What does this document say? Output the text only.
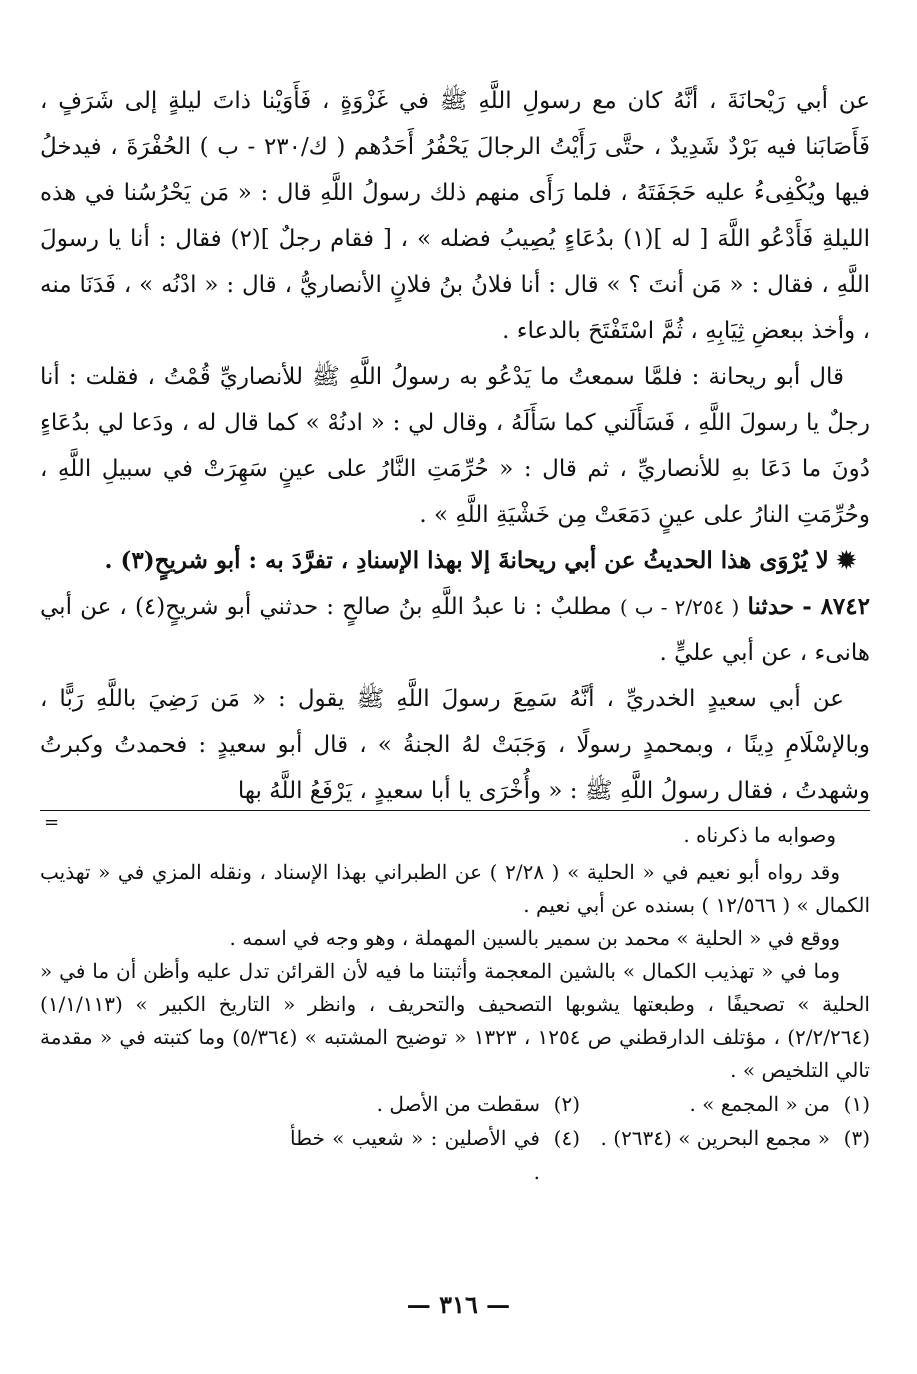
عن أبي رَيْحانَةَ ، أنَّهُ كان مع رسولِ اللَّهِ ﷺ في غَزْوَةٍ ، فَأَوَيْنا ذاتَ ليلةٍ إلى شَرَفٍ ، فَأَصَابَنا فيه بَرْدٌ شَدِيدٌ ، حتَّى رَأَيْتُ الرجالَ يَحْفُرُ أَحَدُهم ( ك/٢٣٠ - ب ) الحُفْرَةَ ، فيدخلُ فيها ويُكْفِىءُ عليه حَجَفَتَهُ ، فلما رَأَى منهم ذلك رسولُ اللَّهِ قال : « مَن يَحْرُسُنا في هذه الليلةِ فَأَدْعُو اللَّهَ [ له ](١) بدُعَاءٍ يُصِيبُ فضله » ، [ فقام رجلٌ ](٢) فقال : أنا يا رسولَ اللَّهِ ، فقال : « مَن أنتَ ؟ » قال : أنا فلانُ بنُ فلانٍ الأنصاريُّ ، قال : « ادْنُه » ، فَدَنَا منه ، وأخذ ببعضِ ثِيَابِهِ ، ثُمَّ اسْتَفْتَحَ بالدعاء .

قال أبو ريحانة : فلمَّا سمعتُ ما يَدْعُو به رسولُ اللَّهِ ﷺ للأنصاريِّ قُمْتُ ، فقلت : أنا رجلٌ يا رسولَ اللَّهِ ، فَسَأَلَني كما سَأَلَهُ ، وقال لي : « ادنُهْ » كما قال له ، ودَعا لي بدُعَاءٍ دُونَ ما دَعَا بهِ للأنصاريِّ ، ثم قال : « حُرِّمَتِ النَّارُ على عينٍ سَهِرَتْ في سبيلِ اللَّهِ ، وحُرِّمَتِ النارُ على عينٍ دَمَعَتْ مِن خَشْيَةِ اللَّهِ » .

✹ لا يُرْوَى هذا الحديثُ عن أبي ريحانةَ إلا بهذا الإسنادِ ، تفرَّدَ به : أبو شريحٍ(٣) .

٨٧٤٢ - حدثنا ( ٢/٢٥٤ - ب ) مطلبٌ : نا عبدُ اللَّهِ بنُ صالحٍ : حدثني أبو شريحٍ(٤) ، عن أبي هانىء ، عن أبي عليٍّ .

عن أبي سعيدٍ الخدريِّ ، أنَّهُ سَمِعَ رسولَ اللَّهِ ﷺ يقول : « مَن رَضِيَ باللَّهِ رَبًّا ، وبالإسْلَامِ دِينًا ، وبمحمدٍ رسولًا ، وَجَبَتْ لهُ الجنةُ » ، قال أبو سعيدٍ : فحمدتُ وكبرتُ وشهدتُ ، فقال رسولُ اللَّهِ ﷺ : « وأُخْرَى يا أبا سعيدٍ ، يَرْفَعُ اللَّهُ بها

=

وصوابه ما ذكرناه .

وقد رواه أبو نعيم في « الحلية » ( ٢/٢٨ ) عن الطبراني بهذا الإسناد ، ونقله المزي في « تهذيب الكمال » ( ١٢/٥٦٦ ) بسنده عن أبي نعيم .

ووقع في « الحلية » محمد بن سمير بالسين المهملة ، وهو وجه في اسمه .

وما في « تهذيب الكمال » بالشين المعجمة وأثبتنا ما فيه لأن القرائن تدل عليه وأظن أن ما في « الحلية » تصحيفًا ، وطبعتها يشوبها التصحيف والتحريف ، وانظر « التاريخ الكبير » (١/١/١١٣) (٢/٢/٢٦٤) ، مؤتلف الدارقطني ص ١٢٥٤ ، ١٣٢٣ « توضيح المشتبه » (٥/٣٦٤) وما كتبته في « مقدمة تالي التلخيص » .

(١)
من « المجمع » .
(٢)
سقطت من الأصل .
(٣)
« مجمع البحرين » (٢٦٣٤) .
(٤)
في الأصلين : « شعيب » خطأ .
— ٣١٦ —
